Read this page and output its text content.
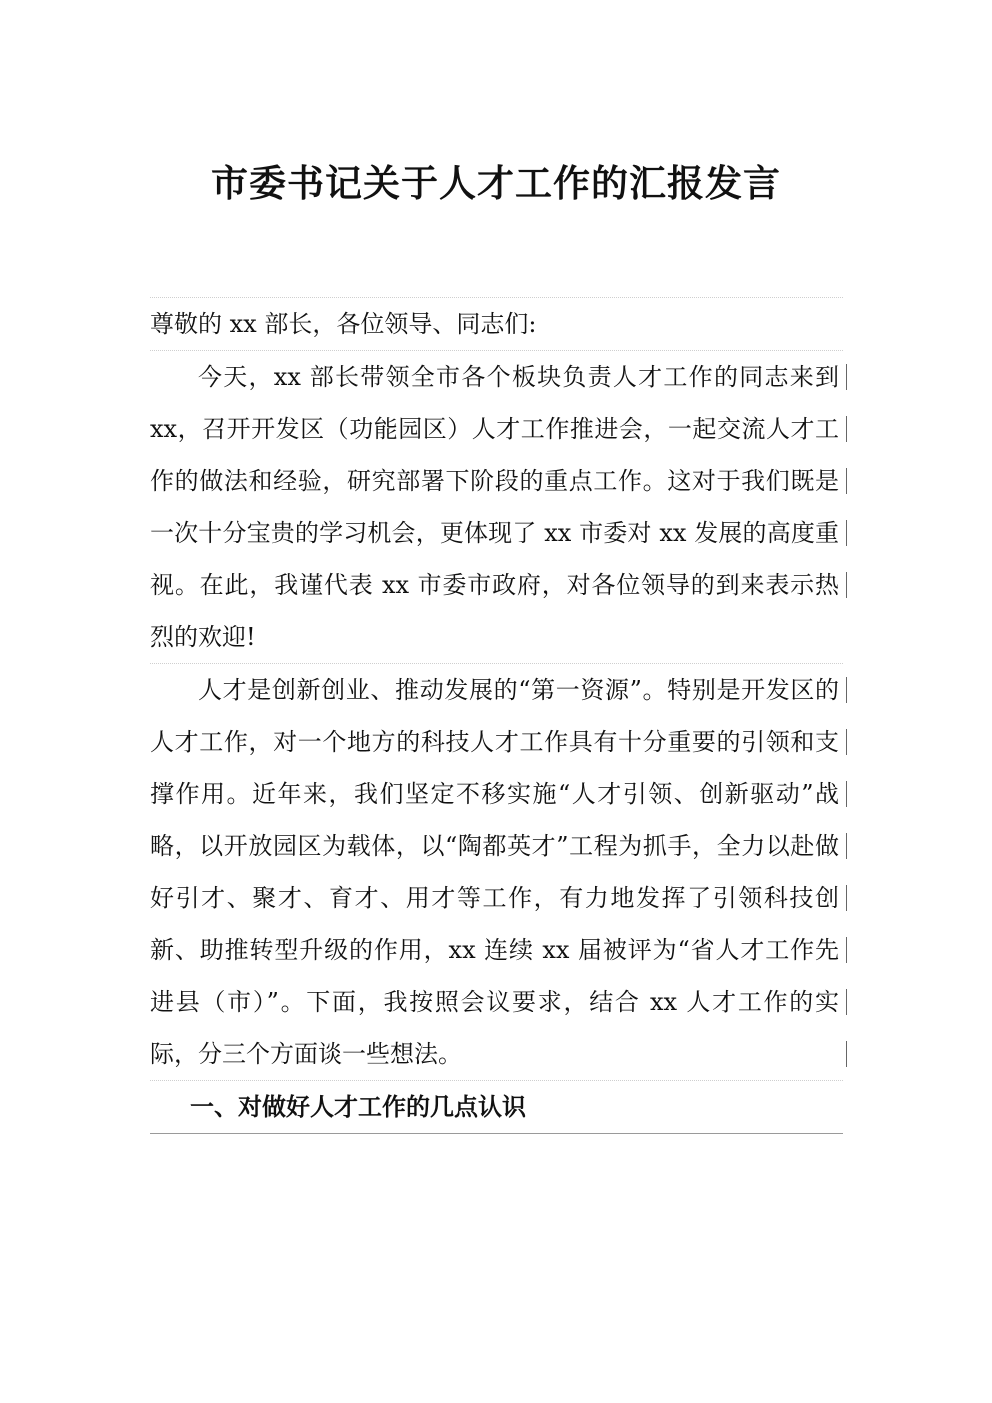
市委书记关于人才工作的汇报发言

尊敬的 xx 部长，各位领导、同志们:

今天，xx 部长带领全市各个板块负责人才工作的同志来到 xx，召开开发区（功能园区）人才工作推进会，一起交流人才工作的做法和经验，研究部署下阶段的重点工作。这对于我们既是一次十分宝贵的学习机会，更体现了 xx 市委对 xx 发展的高度重视。在此，我谨代表 xx 市委市政府，对各位领导的到来表示热烈的欢迎!
人才是创新创业、推动发展的“第一资源”。特别是开发区的人才工作，对一个地方的科技人才工作具有十分重要的引领和支撑作用。近年来，我们坚定不移实施“人才引领、创新驱动”战略，以开放园区为载体，以“陶都英才”工程为抓手，全力以赴做好引才、聚才、育才、用才等工作，有力地发挥了引领科技创新、助推转型升级的作用，xx 连续 xx 届被评为“省人才工作先进县（市）”。下面，我按照会议要求，结合 xx 人才工作的实际，分三个方面谈一些想法。
一、对做好人才工作的几点认识
